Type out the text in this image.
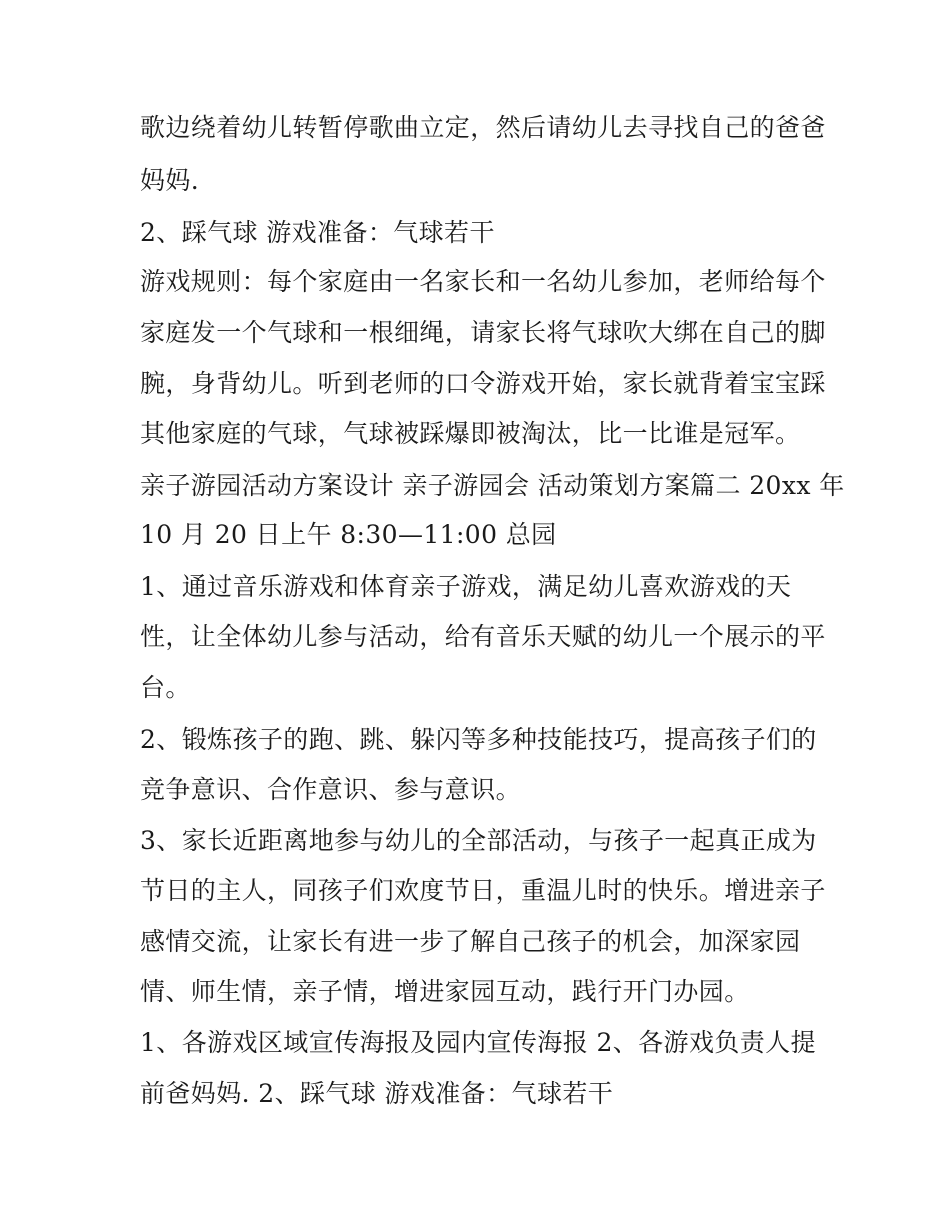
歌边绕着幼儿转暂停歌曲立定，然后请幼儿去寻找自己的爸爸
妈妈.
2、踩气球 游戏准备：气球若干
游戏规则：每个家庭由一名家长和一名幼儿参加，老师给每个
家庭发一个气球和一根细绳，请家长将气球吹大绑在自己的脚
腕，身背幼儿。听到老师的口令游戏开始，家长就背着宝宝踩
其他家庭的气球，气球被踩爆即被淘汰，比一比谁是冠军。
亲子游园活动方案设计 亲子游园会 活动策划方案篇二 20xx 年
10 月 20 日上午 8:30—11:00 总园
1、通过音乐游戏和体育亲子游戏，满足幼儿喜欢游戏的天
性，让全体幼儿参与活动，给有音乐天赋的幼儿一个展示的平
台。
2、锻炼孩子的跑、跳、躲闪等多种技能技巧，提高孩子们的
竞争意识、合作意识、参与意识。
3、家长近距离地参与幼儿的全部活动，与孩子一起真正成为
节日的主人，同孩子们欢度节日，重温儿时的快乐。增进亲子
感情交流，让家长有进一步了解自己孩子的机会，加深家园
情、师生情，亲子情，增进家园互动，践行开门办园。
1、各游戏区域宣传海报及园内宣传海报 2、各游戏负责人提
前爸妈妈. 2、踩气球 游戏准备：气球若干
